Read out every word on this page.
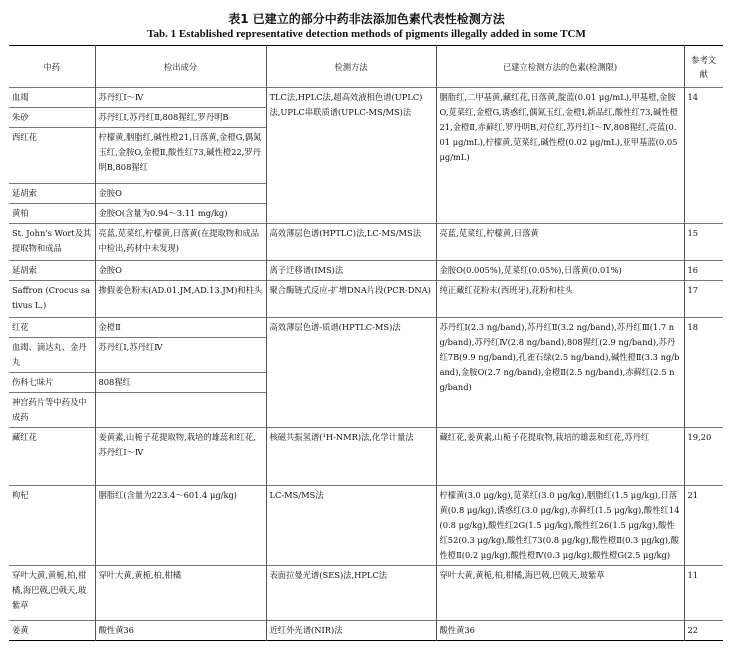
表1 已建立的部分中药非法添加色素代表性检测方法
Tab. 1 Established representative detection methods of pigments illegally added in some TCM
中药	检出成分	检测方法	已建立检测方法的色素(检测限)	参考文献
血竭	苏丹红Ⅰ～Ⅳ	TLC法,HPLC法,超高效液相色谱(UPLC)法,UPLC串联质谱(UPLC-MS/MS)法	胭脂红,二甲基黄,藏红花,日落黄,靛蓝(0.01 μg/mL),甲基橙,金胺O,苋菜红,金橙G,诱惑红,偶氮玉红,金橙Ⅰ,新品红,酸性红73,碱性橙21,金橙Ⅱ,赤藓红,罗丹明B,对位红,苏丹红Ⅰ～Ⅳ,808猩红,亮蓝(0.01 μg/mL),柠檬黄,苋菜红,碱性橙(0.02 μg/mL),亚甲基蓝(0.05 μg/mL)	14
朱砂	苏丹红Ⅰ,苏丹红Ⅱ,808猩红,罗丹明B			
西红花	柠檬黄,胭脂红,碱性橙21,日落黄,金橙G,偶氮玉红,金胺O,金橙Ⅱ,酸性红73,碱性橙22,罗丹明B,808猩红			
延胡索	金胺O			
黄柏	金胺O(含量为0.94～3.11 mg/kg)			
St. John's Wort及其提取物和成品	亮蓝,苋菜红,柠檬黄,日落黄(在提取物和成品中检出,药材中未发现)	高效薄层色谱(HPTLC)法,LC-MS/MS法	亮蓝,苋菜红,柠檬黄,日落黄	15
延胡索	金胺O	离子迁移谱(IMS)法	金胺O(0.005%),苋菜红(0.05%),日落黄(0.01%)	16
Saffron (Crocus sativus L.)	掺假姜色粉末(AD.01.JM,AD.13.JM)和柱头	聚合酶链式反应-扩增DNA片段(PCR-DNA)	纯正藏红花粉末(西班牙),花粉和柱头	17
红花	金橙Ⅱ	高效薄层色谱-质谱(HPTLC-MS)法	苏丹红Ⅰ(2.3 ng/band),苏丹红Ⅱ(3.2 ng/band),苏丹红Ⅲ(1.7 ng/band),苏丹红Ⅳ(2.8 ng/band),808猩红(2.9 ng/band),苏丹红7B(9.9 ng/band),孔雀石绿(2.5 ng/band),碱性橙Ⅱ(3.3 ng/band),金胺O(2.7 ng/band),金橙Ⅱ(2.5 ng/band),赤藓红(2.5 ng/band)	18
血竭、滴达丸、金丹丸	苏丹红Ⅰ,苏丹红Ⅳ			
伤科七味片	808猩红			
神宫药片等中药及中成药				
藏红花	姜黄素,山栀子花提取物,栽培的雄蕊和红花,苏丹红Ⅰ～Ⅳ	核磁共振氢谱(¹H-NMR)法,化学计量法	藏红花,姜黄素,山栀子花提取物,栽培的雄蕊和红花,苏丹红	19,20
枸杞	胭脂红(含量为223.4～601.4 μg/kg)	LC-MS/MS法	柠檬黄(3.0 μg/kg),苋菜红(3.0 μg/kg),胭脂红(1.5 μg/kg),日落黄(0.8 μg/kg),诱惑红(3.0 μg/kg),赤藓红(1.5 μg/kg),酸性红14(0.8 μg/kg),酸性红2G(1.5 μg/kg),酸性红26(1.5 μg/kg),酸性红52(0.3 μg/kg),酸性红73(0.8 μg/kg),酸性橙Ⅱ(0.3 μg/kg),酸性橙Ⅱ(0.2 μg/kg),酸性橙Ⅳ(0.3 μg/kg),酸性橙G(2.5 μg/kg)	21
穿叶大黄,黄栀,柏,柑橘,海巴戟,巴戟天,玻紫草	穿叶大黄,黄栀,柏,柑橘	表面拉曼光谱(SES)法,HPLC法	穿叶大黄,黄栀,柏,柑橘,海巴戟,巴戟天,玻紫草	11
姜黄	酸性黄36	近红外光谱(NIR)法	酸性黄36	22
